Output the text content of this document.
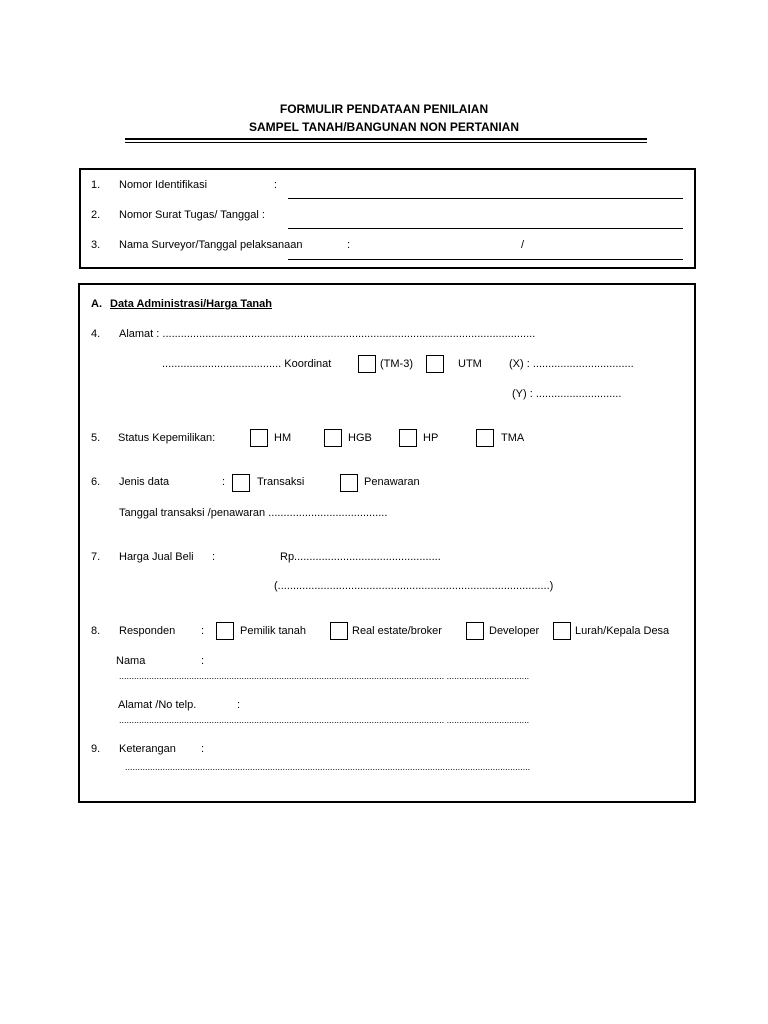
FORMULIR PENDATAAN PENILAIAN
SAMPEL TANAH/BANGUNAN NON PERTANIAN
1. Nomor Identifikasi	:
2. Nomor Surat Tugas/ Tanggal :
3. Nama Surveyor/Tanggal pelaksanaan	:	/
A. Data Administrasi/Harga Tanah
4. Alamat : ..........................................................................................................................
....................................... Koordinat	(TM-3)	UTM (X) : .................................
(Y) : ............................
5. Status Kepemilikan:	HM	HGB	HP	TMA
6. Jenis data	:	Transaksi	Penawaran
Tanggal transaksi /penawaran .......................................
7. Harga Jual Beli :	Rp................................................
(.........................................................................................)
8. Responden :	Pemilik tanah	Real estate/broker	Developer	Lurah/Kepala Desa
Nama	:
.................................................................................................................................. .................................
Alamat /No telp.	:
.................................................................................................................................. .................................
9. Keterangan :
..................................................................................................................................................................
